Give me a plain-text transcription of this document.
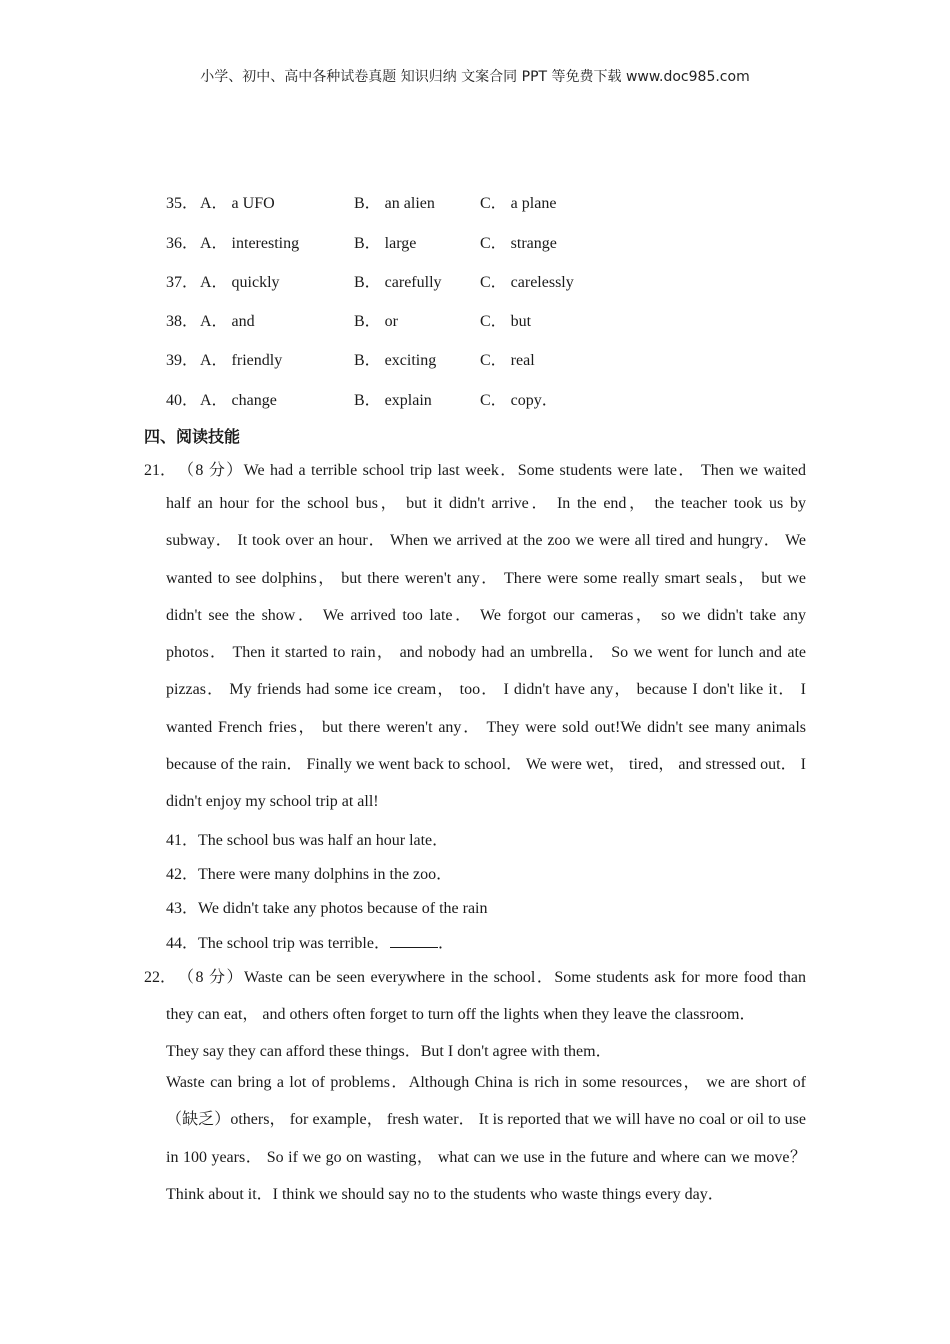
小学、初中、高中各种试卷真题 知识归纳 文案合同 PPT 等免费下载 www.doc985.com
35． A． a UFO	B． an alien	C． a plane
36． A． interesting	B． large	C． strange
37． A． quickly	B． carefully C． carelessly
38． A． and	B． or	C． but
39． A． friendly	B． exciting	C． real
40． A． change	B． explain	C． copy．
四、阅读技能
21． （8 分）We had a terrible school trip last week．Some students were late． Then we waited
half an hour for the school bus， but it didn't arrive． In the end， the teacher took us by subway． It took over an hour． When we arrived at the zoo we were all tired and hungry． We wanted to see dolphins， but there weren't any． There were some really smart seals， but we didn't see the show． We arrived too late． We forgot our cameras， so we didn't take any photos． Then it started to rain， and nobody had an umbrella． So we went for lunch and ate pizzas． My friends had some ice cream， too． I didn't have any， because I don't like it． I wanted French fries， but there weren't any． They were sold out!We didn't see many animals because of the rain． Finally we went back to school． We were wet， tired， and stressed out． I didn't enjoy my school trip at all!
41．The school bus was half an hour late．
42．There were many dolphins in the zoo．
43．We didn't take any photos because of the rain
44．The school trip was terrible．	．
22． （8 分）Waste can be seen everywhere in the school．Some students ask for more food than
they can eat， and others often forget to turn off the lights when they leave the classroom．
They say they can afford these things．But I don't agree with them．
Waste can bring a lot of problems．Although China is rich in some resources， we are short of （缺乏）others， for example， fresh water． It is reported that we will have no coal or oil to use in 100 years． So if we go on wasting， what can we use in the future and where can we move？Think about it．I think we should say no to the students who waste things every day．
